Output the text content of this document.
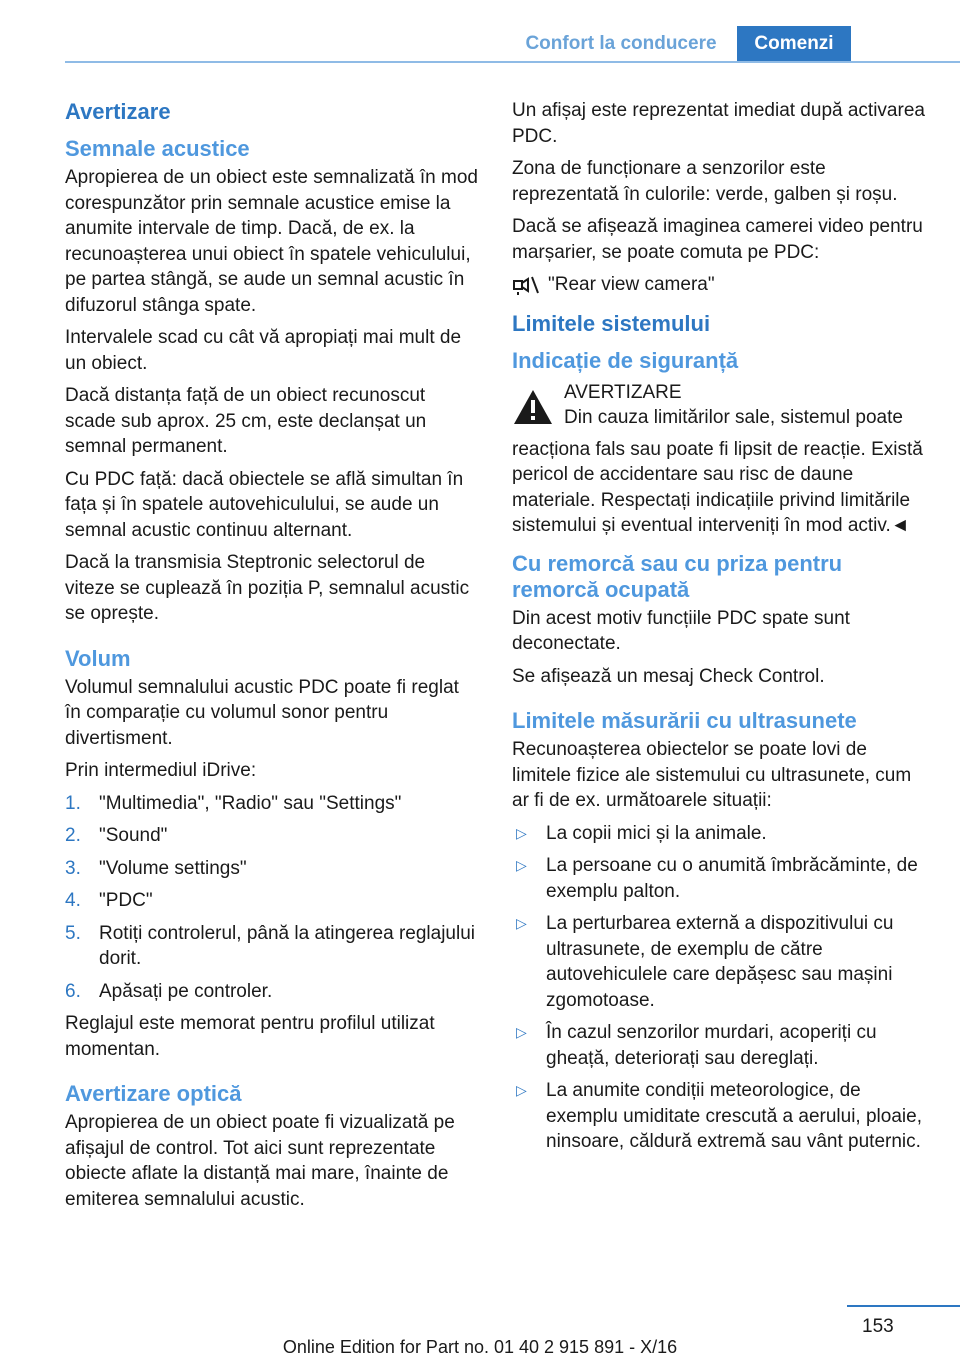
Confort la conducere	Comenzi
Avertizare
Semnale acustice

Apropierea de un obiect este semnalizată în mod corespunzător prin semnale acustice emise la anumite intervale de timp. Dacă, de ex. la recunoașterea unui obiect în spatele vehiculului, pe partea stângă, se aude un semnal acustic în difuzorul stânga spate.

Intervalele scad cu cât vă apropiați mai mult de un obiect.

Dacă distanța față de un obiect recunoscut scade sub aprox. 25 cm, este declanșat un semnal permanent.

Cu PDC față: dacă obiectele se află simultan în fața și în spatele autovehiculului, se aude un semnal acustic continuu alternant.

Dacă la transmisia Steptronic selectorul de viteze se cuplează în poziția P, semnalul acustic se oprește.

Volum

Volumul semnalului acustic PDC poate fi reglat în comparație cu volumul sonor pentru divertisment.

Prin intermediul iDrive:

1. "Multimedia", "Radio" sau "Settings"
2. "Sound"
3. "Volume settings"
4. "PDC"
5. Rotiți controlerul, până la atingerea reglajului dorit.
6. Apăsați pe controler.

Reglajul este memorat pentru profilul utilizat momentan.

Avertizare optică

Apropierea de un obiect poate fi vizualizată pe afișajul de control. Tot aici sunt reprezentate obiecte aflate la distanță mai mare, înainte de emiterea semnalului acustic.

Un afișaj este reprezentat imediat după activarea PDC.

Zona de funcționare a senzorilor este reprezentată în culorile: verde, galben și roșu.

Dacă se afișează imaginea camerei video pentru marșarier, se poate comuta pe PDC:

"Rear view camera"
Limitele sistemului
Indicație de siguranță
AVERTIZARE
Din cauza limitărilor sale, sistemul poate

reacționa fals sau poate fi lipsit de reacție. Există pericol de accidentare sau risc de daune materiale. Respectați indicațiile privind limitările sistemului și eventual interveniți în mod activ.◄

Cu remorcă sau cu priza pentru remorcă ocupată

Din acest motiv funcțiile PDC spate sunt deconectate.

Se afișează un mesaj Check Control.

Limitele măsurării cu ultrasunete

Recunoașterea obiectelor se poate lovi de limitele fizice ale sistemului cu ultrasunete, cum ar fi de ex. următoarele situații:

▷ La copii mici și la animale.
▷ La persoane cu o anumită îmbrăcăminte, de exemplu palton.
▷ La perturbarea externă a dispozitivului cu ultrasunete, de exemplu de către autovehiculele care depășesc sau mașini zgomotoase.
▷ În cazul senzorilor murdari, acoperiți cu gheață, deteriorați sau dereglați.
▷ La anumite condiții meteorologice, de exemplu umiditate crescută a aerului, ploaie, ninsoare, căldură extremă sau vânt puternic.
153
Online Edition for Part no. 01 40 2 915 891 - X/16
